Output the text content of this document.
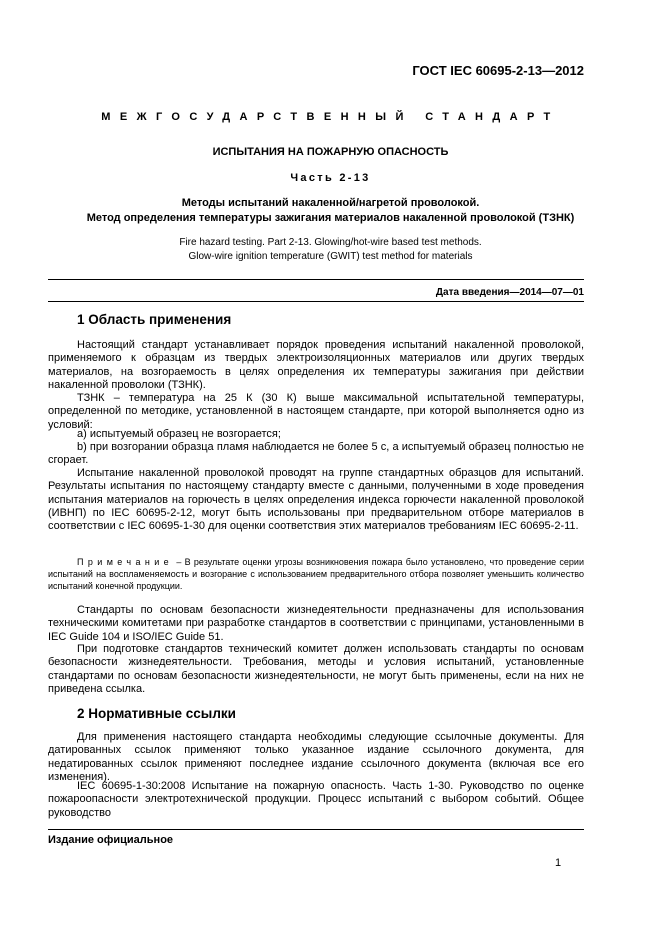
ГОСТ IEC 60695-2-13—2012
МЕЖГОСУДАРСТВЕННЫЙ СТАНДАРТ
ИСПЫТАНИЯ НА ПОЖАРНУЮ ОПАСНОСТЬ
Часть 2-13
Методы испытаний накаленной/нагретой проволокой.
Метод определения температуры зажигания материалов накаленной проволокой (ТЗНК)
Fire hazard testing. Part 2-13. Glowing/hot-wire based test methods.
Glow-wire ignition temperature (GWIT) test method for materials
Дата введения—2014—07—01
1 Область применения
Настоящий стандарт устанавливает порядок проведения испытаний накаленной проволокой, применяемого к образцам из твердых электроизоляционных материалов или других твердых материалов, на возгораемость в целях определения их температуры зажигания при действии накаленной проволоки (ТЗНК).
ТЗНК – температура на 25 К (30 К) выше максимальной испытательной температуры, определенной по методике, установленной в настоящем стандарте, при которой выполняется одно из условий:
а) испытуемый образец не возгорается;
b) при возгорании образца пламя наблюдается не более 5 с, а испытуемый образец полностью не сгорает.
Испытание накаленной проволокой проводят на группе стандартных образцов для испытаний. Результаты испытания по настоящему стандарту вместе с данными, полученными в ходе проведения испытания материалов на горючесть в целях определения индекса горючести накаленной проволокой (ИВНП) по IEC 60695-2-12, могут быть использованы при предварительном отборе материалов в соответствии с IEC 60695-1-30 для оценки соответствия этих материалов требованиям IEC 60695-2-11.
Примечание – В результате оценки угрозы возникновения пожара было установлено, что проведение серии испытаний на воспламеняемость и возгорание с использованием предварительного отбора позволяет уменьшить количество испытаний конечной продукции.
Стандарты по основам безопасности жизнедеятельности предназначены для использования техническими комитетами при разработке стандартов в соответствии с принципами, установленными в IEC Guide 104 и ISO/IEC Guide 51.
При подготовке стандартов технический комитет должен использовать стандарты по основам безопасности жизнедеятельности. Требования, методы и условия испытаний, установленные стандартами по основам безопасности жизнедеятельности, не могут быть применены, если на них не приведена ссылка.
2 Нормативные ссылки
Для применения настоящего стандарта необходимы следующие ссылочные документы. Для датированных ссылок применяют только указанное издание ссылочного документа, для недатированных ссылок применяют последнее издание ссылочного документа (включая все его изменения).
IEC 60695-1-30:2008 Испытание на пожарную опасность. Часть 1-30. Руководство по оценке пожароопасности электротехнической продукции. Процесс испытаний с выбором событий. Общее руководство
Издание официальное
1
